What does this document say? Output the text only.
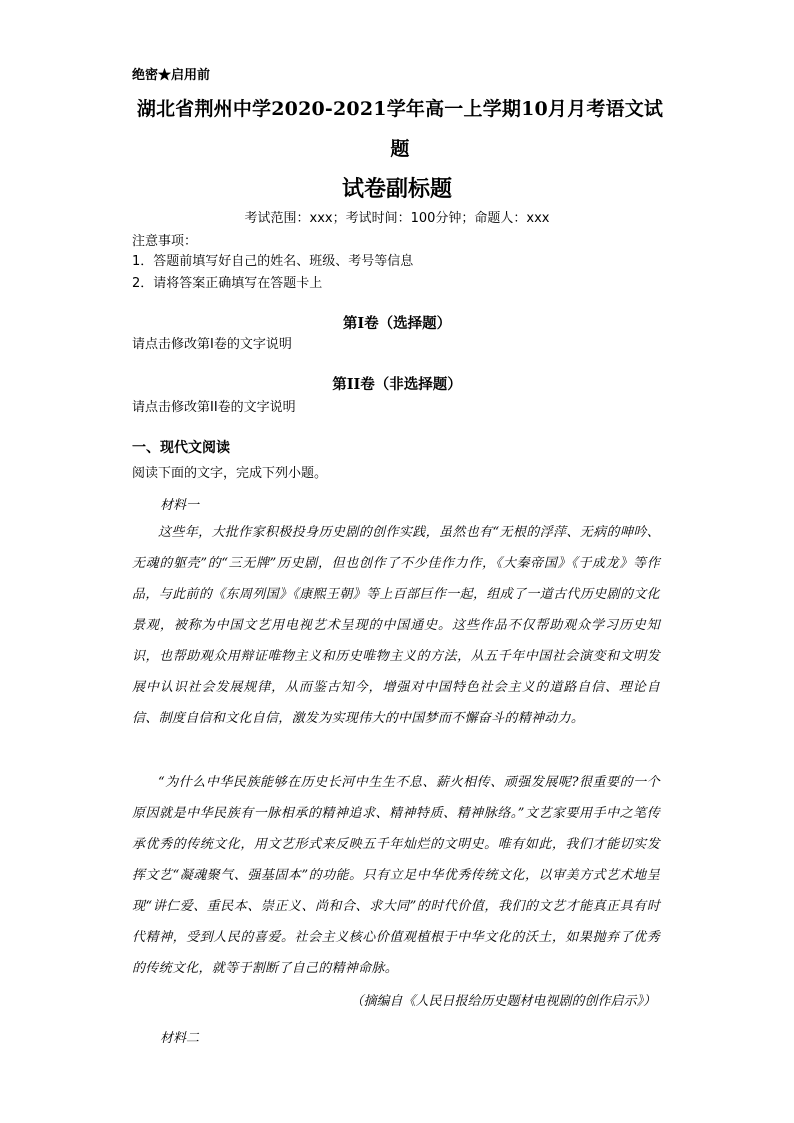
绝密★启用前
湖北省荆州中学2020-2021学年高一上学期10月月考语文试
题
试卷副标题
考试范围：xxx；考试时间：100分钟；命题人：xxx
注意事项：
1．答题前填写好自己的姓名、班级、考号等信息
2．请将答案正确填写在答题卡上
第I卷（选择题）
请点击修改第I卷的文字说明
第II卷（非选择题）
请点击修改第II卷的文字说明
一、现代文阅读
阅读下面的文字，完成下列小题。
材料一
这些年，大批作家积极投身历史剧的创作实践，虽然也有“无根的浮萍、无病的呻吟、无魂的躯壳”的“三无牌”历史剧，但也创作了不少佳作力作，《大秦帝国》《于成龙》等作品，与此前的《东周列国》《康熙王朝》等上百部巨作一起，组成了一道古代历史剧的文化景观，被称为中国文艺用电视艺术呈现的中国通史。这些作品不仅帮助观众学习历史知识，也帮助观众用辩证唯物主义和历史唯物主义的方法，从五千年中国社会演变和文明发展中认识社会发展规律，从而鉴古知今，增强对中国特色社会主义的道路自信、理论自信、制度自信和文化自信，激发为实现伟大的中国梦而不懈奋斗的精神动力。
“为什么中华民族能够在历史长河中生生不息、薪火相传、顽强发展呢?很重要的一个原因就是中华民族有一脉相承的精神追求、精神特质、精神脉络。”文艺家要用手中之笔传承优秀的传统文化，用文艺形式来反映五千年灿烂的文明史。唯有如此，我们才能切实发挥文艺“凝魂聚气、强基固本”的功能。只有立足中华优秀传统文化，以审美方式艺术地呈现“讲仁爱、重民本、崇正义、尚和合、求大同”的时代价值，我们的文艺才能真正具有时代精神，受到人民的喜爱。社会主义核心价值观植根于中华文化的沃土，如果抛弃了优秀的传统文化，就等于割断了自己的精神命脉。
（摘编自《人民日报给历史题材电视剧的创作启示》）
材料二
